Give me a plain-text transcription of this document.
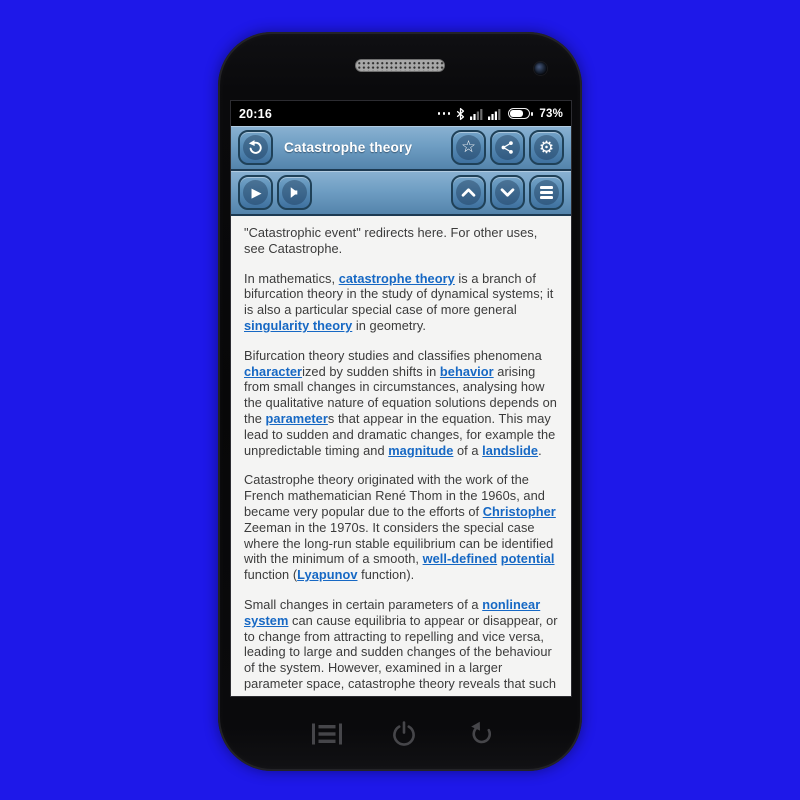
20:16	73%
Catastrophe theory	☆	⚙
▶

"Catastrophic event" redirects here. For other uses, see Catastrophe.

In mathematics, catastrophe theory is a branch of bifurcation theory in the study of dynamical systems; it is also a particular special case of more general singularity theory in geometry.

Bifurcation theory studies and classifies phenomena characterized by sudden shifts in behavior arising from small changes in circumstances, analysing how the qualitative nature of equation solutions depends on the parameters that appear in the equation. This may lead to sudden and dramatic changes, for example the unpredictable timing and magnitude of a landslide.

Catastrophe theory originated with the work of the French mathematician René Thom in the 1960s, and became very popular due to the efforts of Christopher Zeeman in the 1970s. It considers the special case where the long-run stable equilibrium can be identified with the minimum of a smooth, well-defined potential function (Lyapunov function).

Small changes in certain parameters of a nonlinear system can cause equilibria to appear or disappear, or to change from attracting to repelling and vice versa, leading to large and sudden changes of the behaviour of the system. However, examined in a larger parameter space, catastrophe theory reveals that such
